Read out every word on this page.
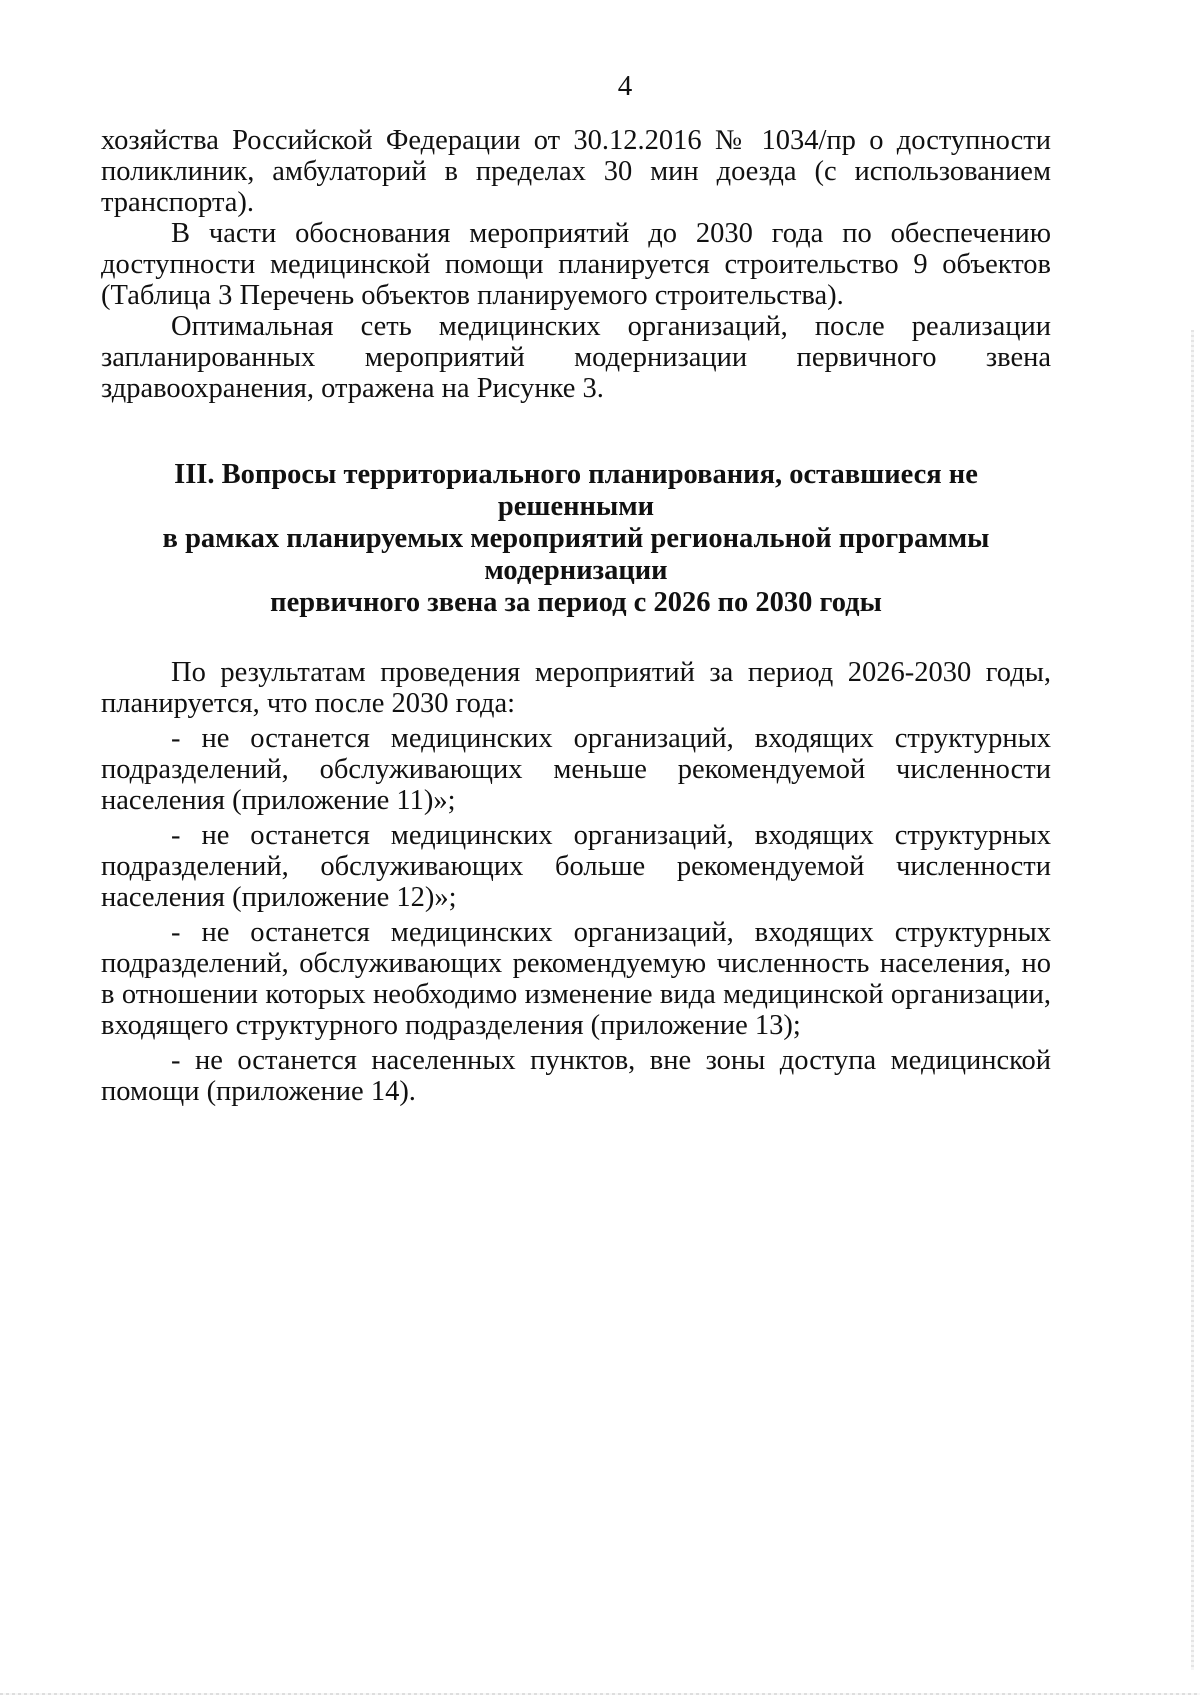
4

хозяйства Российской Федерации от 30.12.2016 № 1034/пр о доступности поликлиник, амбулаторий в пределах 30 мин доезда (с использованием транспорта).

В части обоснования мероприятий до 2030 года по обеспечению доступности медицинской помощи планируется строительство 9 объектов (Таблица 3 Перечень объектов планируемого строительства).

Оптимальная сеть медицинских организаций, после реализации запланированных мероприятий модернизации первичного звена здравоохранения, отражена на Рисунке 3.

III. Вопросы территориального планирования, оставшиеся не решенными
в рамках планируемых мероприятий региональной программы модернизации
первичного звена за период с 2026 по 2030 годы

По результатам проведения мероприятий за период 2026-2030 годы, планируется, что после 2030 года:

- не останется медицинских организаций, входящих структурных подразделений, обслуживающих меньше рекомендуемой численности населения (приложение 11)»;

- не останется медицинских организаций, входящих структурных подразделений, обслуживающих больше рекомендуемой численности населения (приложение 12)»;

- не останется медицинских организаций, входящих структурных подразделений, обслуживающих рекомендуемую численность населения, но в отношении которых необходимо изменение вида медицинской организации, входящего структурного подразделения (приложение 13);

- не останется населенных пунктов, вне зоны доступа медицинской помощи (приложение 14).
